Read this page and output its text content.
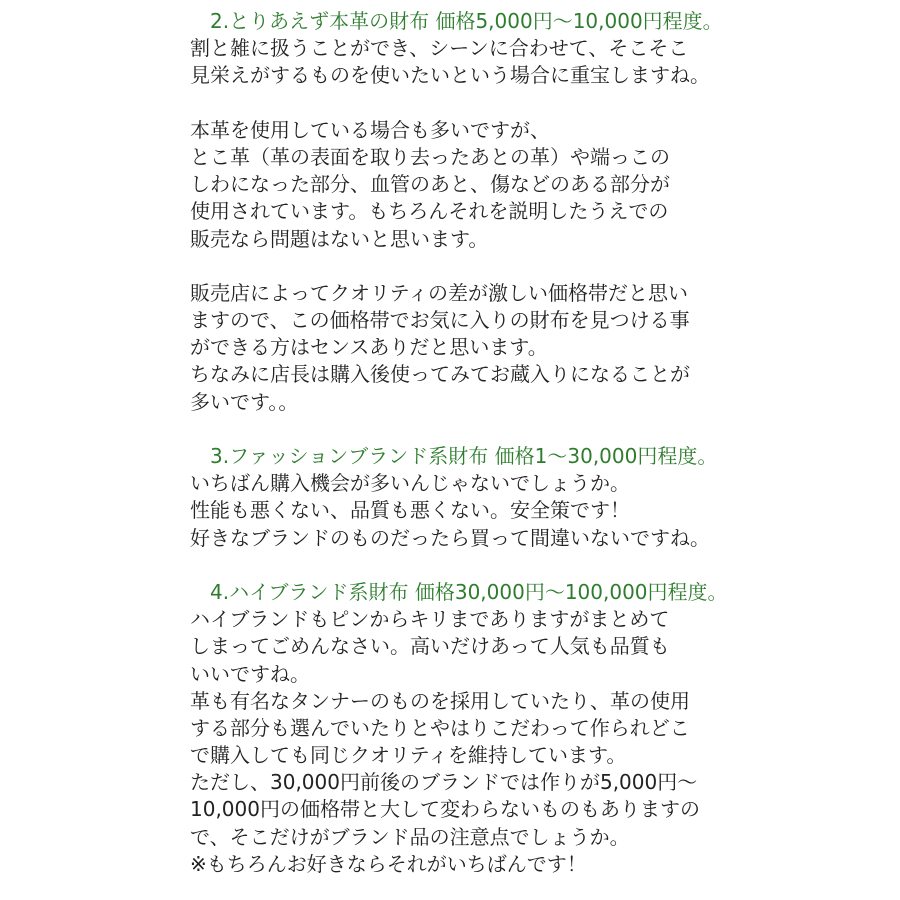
　2.とりあえず本革の財布 価格5,000円～10,000円程度。
割と雑に扱うことができ、シーンに合わせて、そこそこ
見栄えがするものを使いたいという場合に重宝しますね。
本革を使用している場合も多いですが、
とこ革（革の表面を取り去ったあとの革）や端っこの
しわになった部分、血管のあと、傷などのある部分が
使用されています。もちろんそれを説明したうえでの
販売なら問題はないと思います。
販売店によってクオリティの差が激しい価格帯だと思い
ますので、この価格帯でお気に入りの財布を見つける事
ができる方はセンスありだと思います。
ちなみに店長は購入後使ってみてお蔵入りになることが
多いです。。
　3.ファッションブランド系財布 価格1～30,000円程度。
いちばん購入機会が多いんじゃないでしょうか。
性能も悪くない、品質も悪くない。安全策です！
好きなブランドのものだったら買って間違いないですね。
　4.ハイブランド系財布 価格30,000円～100,000円程度。
ハイブランドもピンからキリまでありますがまとめて
しまってごめんなさい。高いだけあって人気も品質も
いいですね。
革も有名なタンナーのものを採用していたり、革の使用
する部分も選んでいたりとやはりこだわって作られどこ
で購入しても同じクオリティを維持しています。
ただし、30,000円前後のブランドでは作りが5,000円～
10,000円の価格帯と大して変わらないものもありますの
で、そこだけがブランド品の注意点でしょうか。
※もちろんお好きならそれがいちばんです！
